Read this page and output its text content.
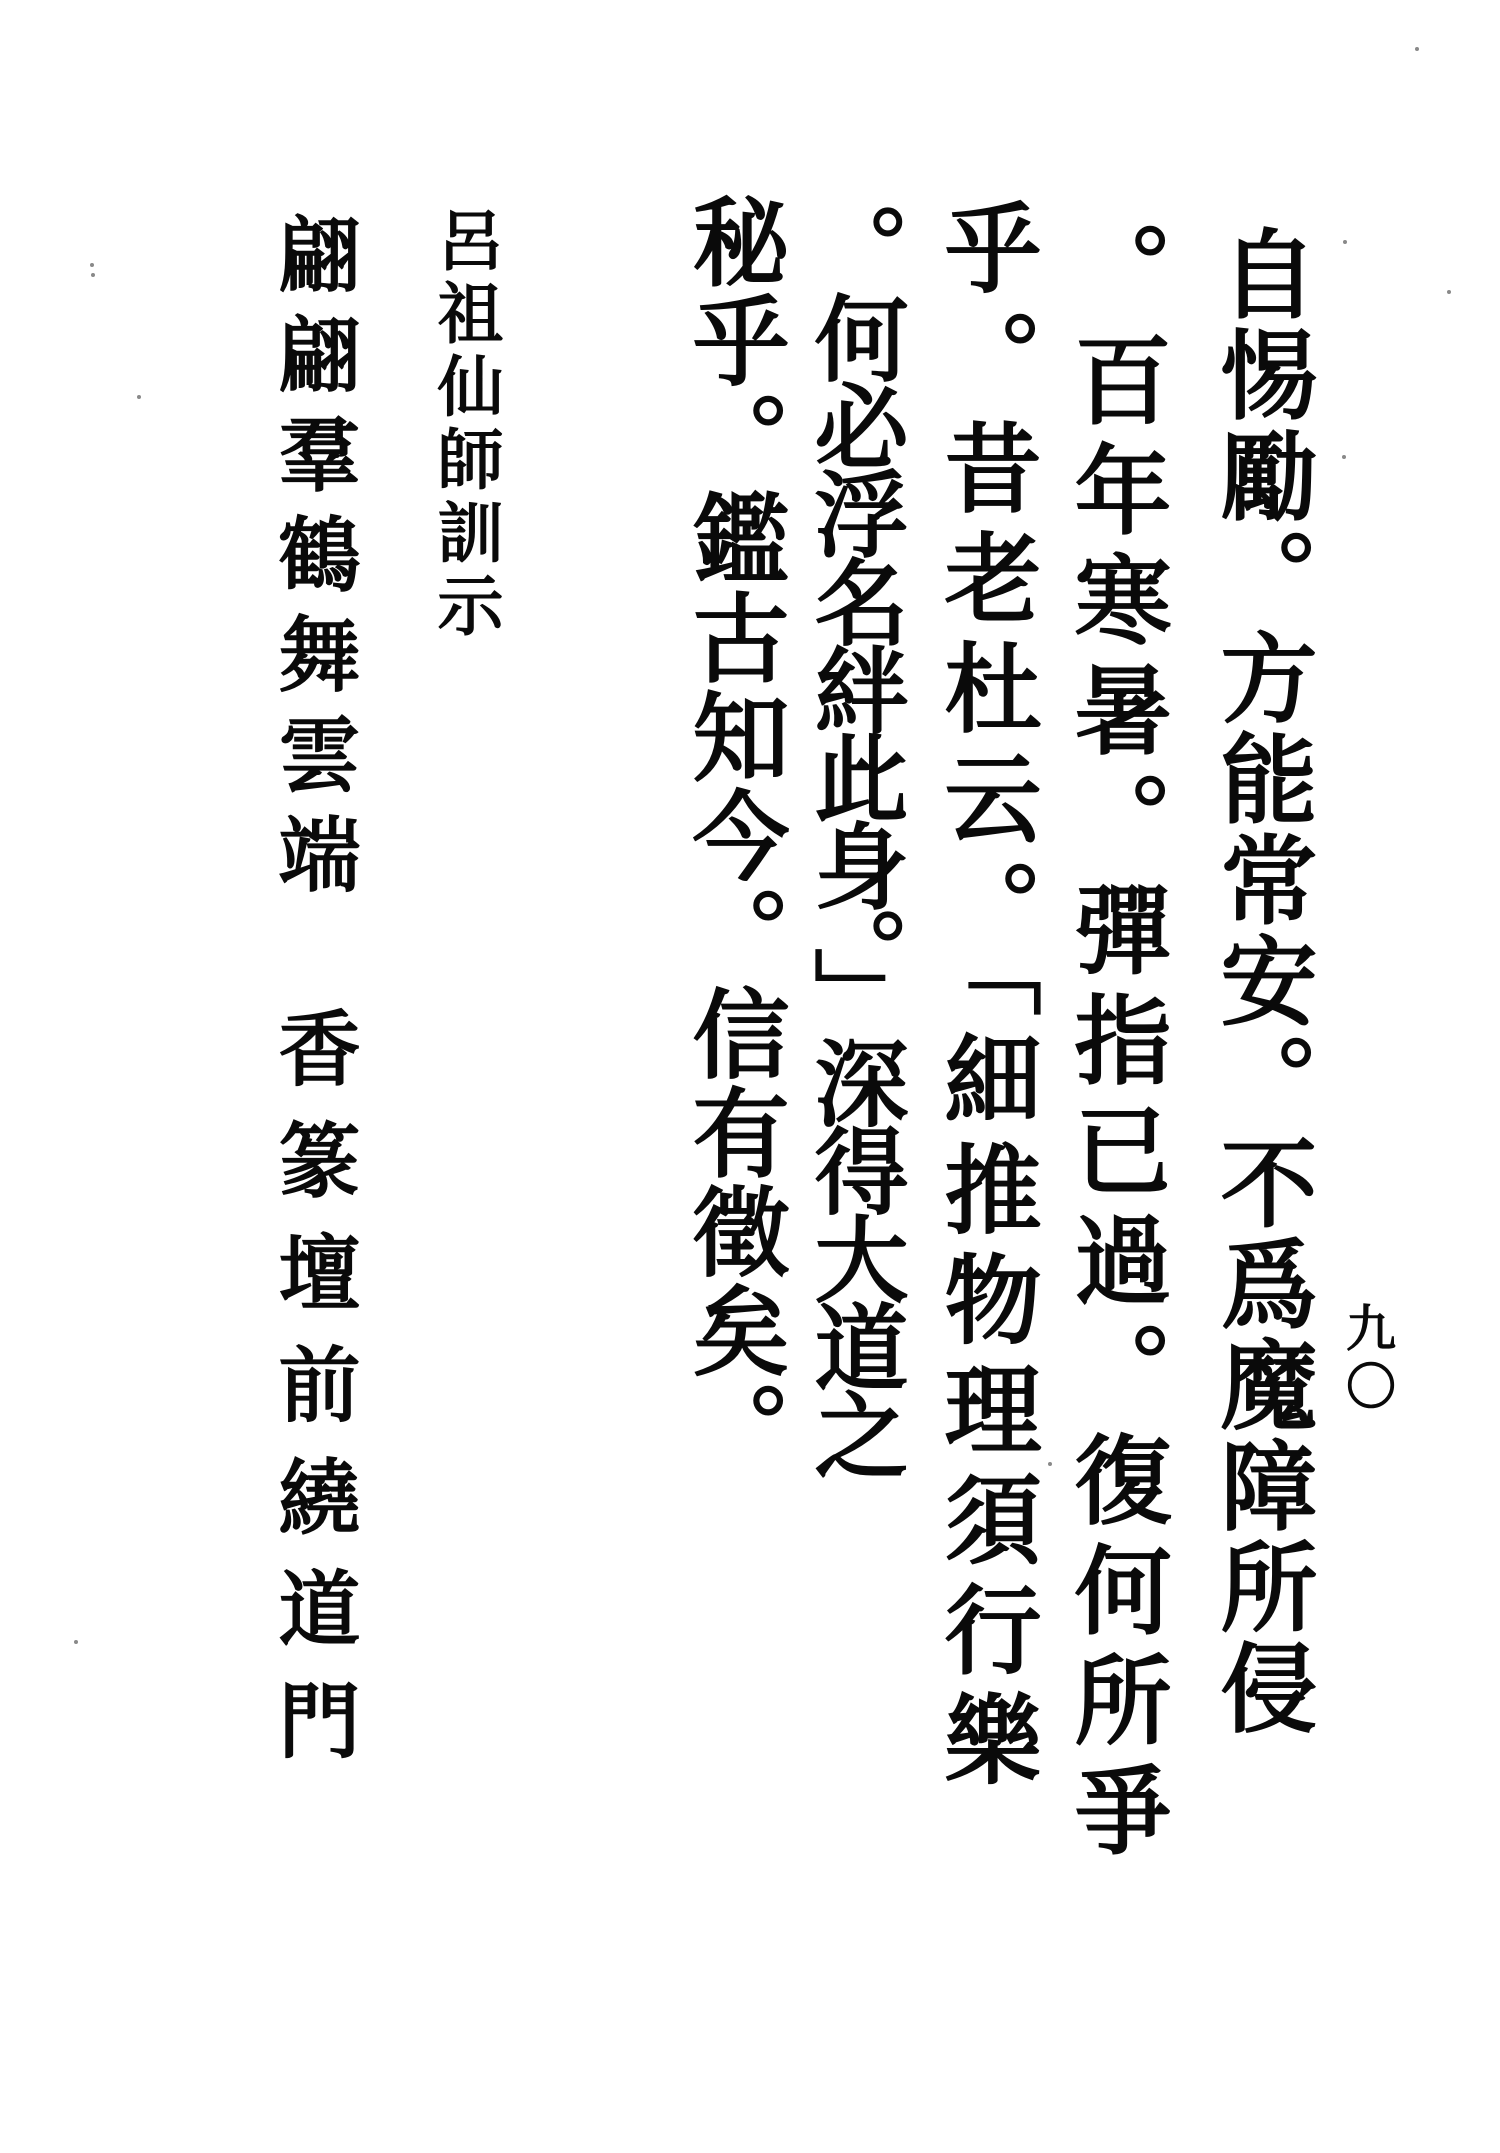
自惕勵。方能常安。不爲魔障所侵
。百年寒暑。彈指已過。復何所爭
乎。昔老杜云。「細推物理須行樂
。何必浮名絆此身。」深得大道之
秘乎。鑑古知今。信有徵矣。	九〇
呂祖仙師訓示
翩翩羣鶴舞雲端
香篆壇前繞道門
